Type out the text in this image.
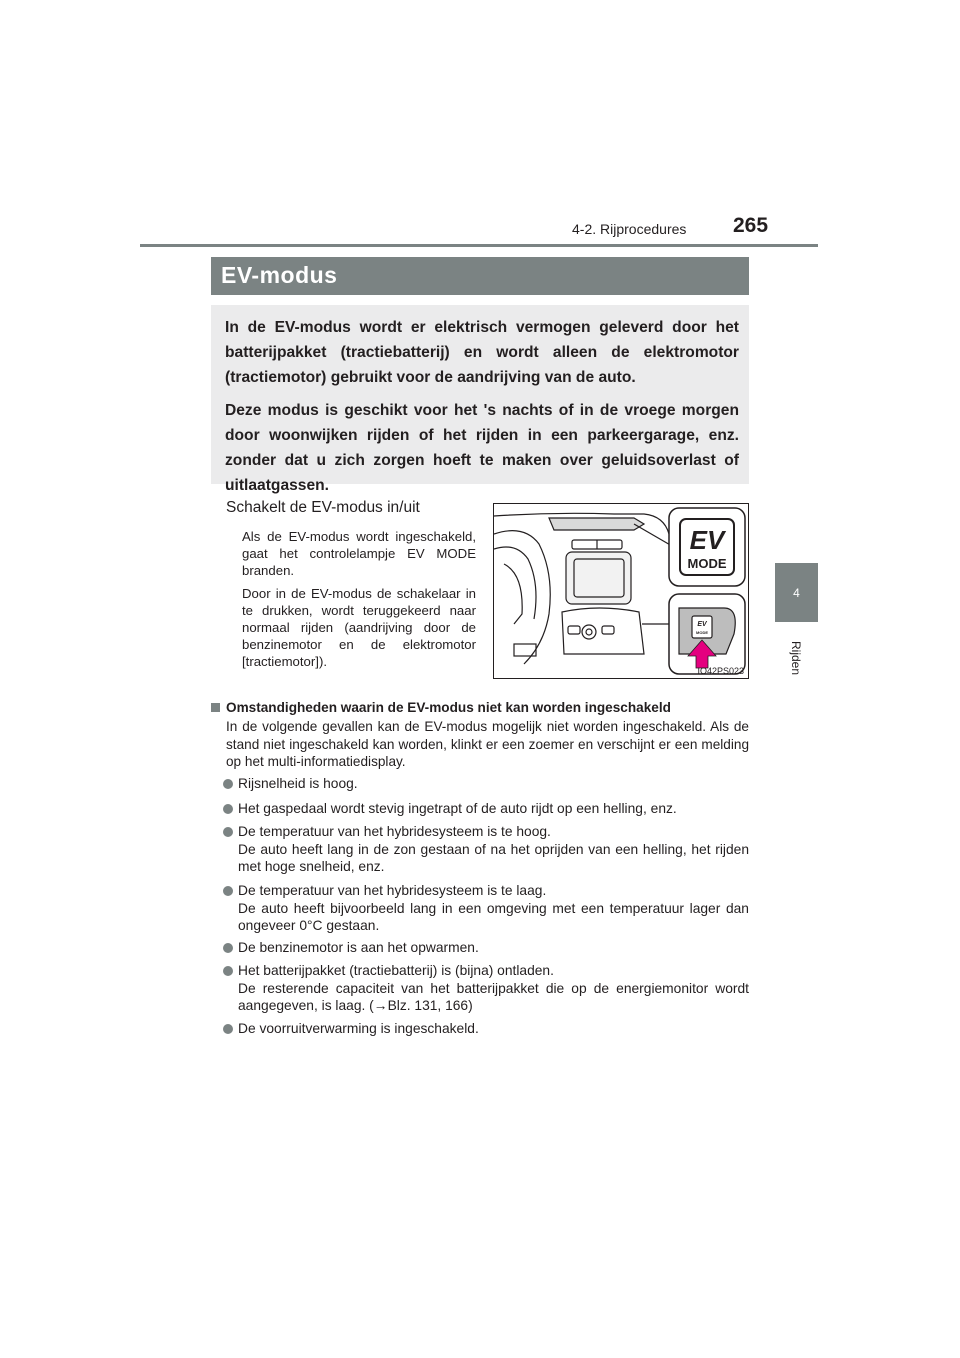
4-2. Rijprocedures 265
4
Rijden
EV-modus

In de EV-modus wordt er elektrisch vermogen geleverd door het batterijpakket (tractiebatterij) en wordt alleen de elektromotor (tractiemotor) gebruikt voor de aandrijving van de auto.

Deze modus is geschikt voor het 's nachts of in de vroege morgen door woonwijken rijden of het rijden in een parkeergarage, enz. zonder dat u zich zorgen hoeft te maken over geluidsoverlast of uitlaatgassen.

Schakelt de EV-modus in/uit

Als de EV-modus wordt ingeschakeld, gaat het controlelampje EV MODE branden.

Door in de EV-modus de schakelaar in te drukken, wordt teruggekeerd naar normaal rijden (aandrijving door de benzinemotor en de elektromotor [tractiemotor]).

EV
MODE
EV
MODE
IO42PS023
Omstandigheden waarin de EV-modus niet kan worden ingeschakeld

In de volgende gevallen kan de EV-modus mogelijk niet worden ingeschakeld. Als de stand niet ingeschakeld kan worden, klinkt er een zoemer en verschijnt er een melding op het multi-informatiedisplay.

Rijsnelheid is hoog.
Het gaspedaal wordt stevig ingetrapt of de auto rijdt op een helling, enz.
De temperatuur van het hybridesysteem is te hoog.
De auto heeft lang in de zon gestaan of na het oprijden van een helling, het rijden met hoge snelheid, enz.
De temperatuur van het hybridesysteem is te laag.
De auto heeft bijvoorbeeld lang in een omgeving met een temperatuur lager dan ongeveer 0°C gestaan.
De benzinemotor is aan het opwarmen.
Het batterijpakket (tractiebatterij) is (bijna) ontladen.
De resterende capaciteit van het batterijpakket die op de energiemonitor wordt aangegeven, is laag. (→Blz. 131, 166)
De voorruitverwarming is ingeschakeld.
